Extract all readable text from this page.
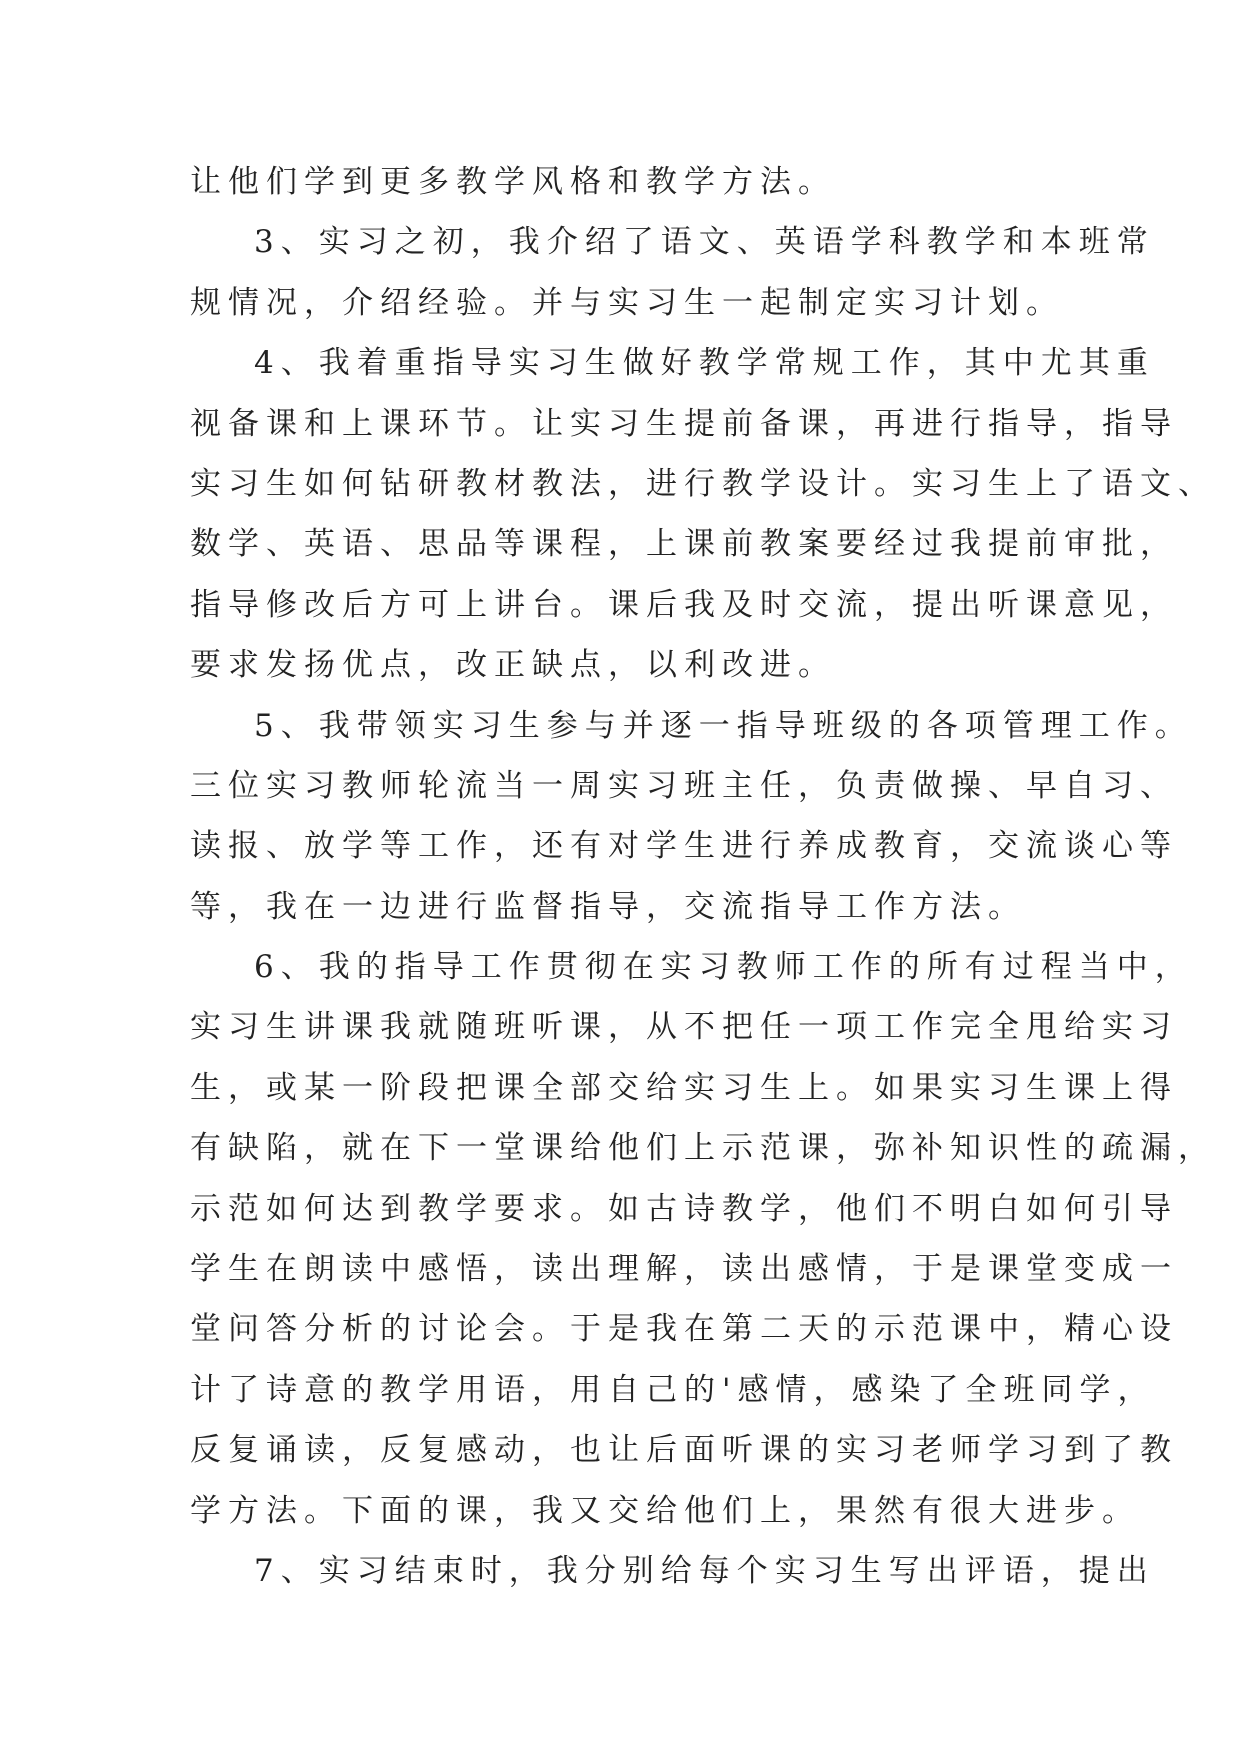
让他们学到更多教学风格和教学方法。
3、实习之初，我介绍了语文、英语学科教学和本班常
规情况，介绍经验。并与实习生一起制定实习计划。
4、我着重指导实习生做好教学常规工作，其中尤其重
视备课和上课环节。让实习生提前备课，再进行指导，指导
实习生如何钻研教材教法，进行教学设计。实习生上了语文、
数学、英语、思品等课程，上课前教案要经过我提前审批，
指导修改后方可上讲台。课后我及时交流，提出听课意见，
要求发扬优点，改正缺点，以利改进。
5、我带领实习生参与并逐一指导班级的各项管理工作。
三位实习教师轮流当一周实习班主任，负责做操、早自习、
读报、放学等工作，还有对学生进行养成教育，交流谈心等
等，我在一边进行监督指导，交流指导工作方法。
6、我的指导工作贯彻在实习教师工作的所有过程当中，
实习生讲课我就随班听课，从不把任一项工作完全甩给实习
生，或某一阶段把课全部交给实习生上。如果实习生课上得
有缺陷，就在下一堂课给他们上示范课，弥补知识性的疏漏，
示范如何达到教学要求。如古诗教学，他们不明白如何引导
学生在朗读中感悟，读出理解，读出感情，于是课堂变成一
堂问答分析的讨论会。于是我在第二天的示范课中，精心设
计了诗意的教学用语，用自己的'感情，感染了全班同学，
反复诵读，反复感动，也让后面听课的实习老师学习到了教
学方法。下面的课，我又交给他们上，果然有很大进步。
7、实习结束时，我分别给每个实习生写出评语，提出
